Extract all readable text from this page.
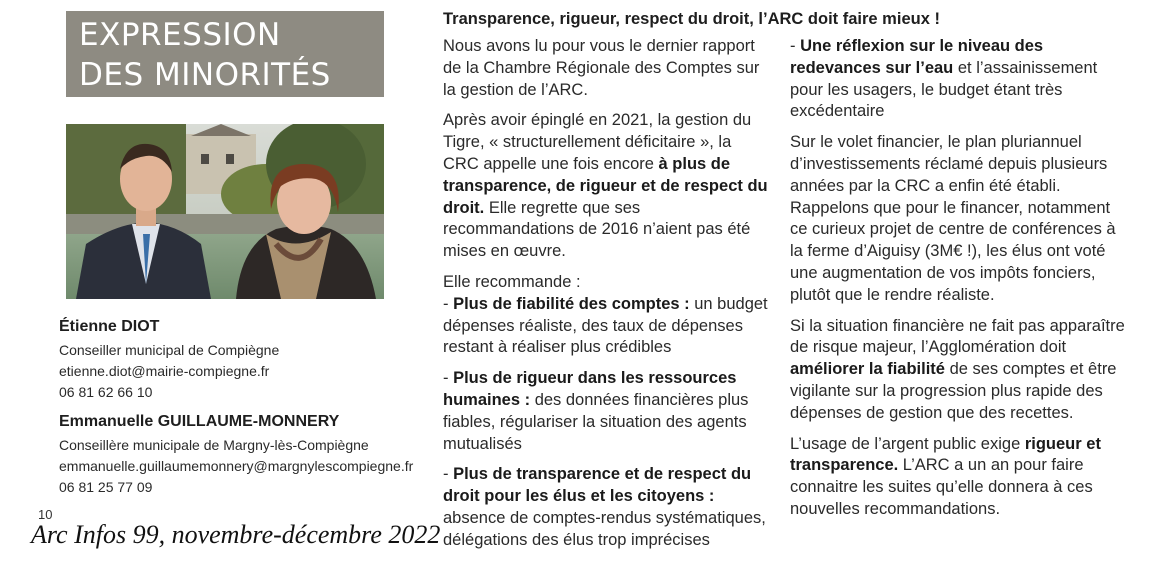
EXPRESSION
DES MINORITÉS
Étienne DIOT
Conseiller municipal de Compiègne
etienne.diot@mairie-compiegne.fr
06 81 62 66 10
Emmanuelle GUILLAUME-MONNERY
Conseillère municipale de Margny-lès-Compiègne
emmanuelle.guillaumemonnery@margnylescompiegne.fr
06 81 25 77 09
10
Arc Infos 99, novembre-décembre 2022
Transparence, rigueur, respect du droit, l’ARC doit faire mieux !

Nous avons lu pour vous le dernier rapport de la Chambre Régionale des Comptes sur la gestion de l’ARC.

Après avoir épinglé en 2021, la gestion du Tigre, « structurellement déficitaire », la CRC appelle une fois encore à plus de transparence, de rigueur et de respect du droit. Elle regrette que ses recommandations de 2016 n’aient pas été mises en œuvre.

Elle recommande :

- Plus de fiabilité des comptes : un budget dépenses réaliste, des taux de dépenses restant à réaliser plus crédibles

- Plus de rigueur dans les ressources humaines : des données financières plus fiables, régulariser la situation des agents mutualisés

- Plus de transparence et de respect du droit pour les élus et les citoyens : absence de comptes-rendus systématiques, délégations des élus trop imprécises

- Une réflexion sur le niveau des redevances sur l’eau et l’assainissement pour les usagers, le budget étant très excédentaire

Sur le volet financier, le plan pluriannuel d’investissements réclamé depuis plusieurs années par la CRC a enfin été établi. Rappelons que pour le financer, notamment ce curieux projet de centre de conférences à la ferme d’Aiguisy (3M€ !), les élus ont voté une augmentation de vos impôts fonciers, plutôt que le rendre réaliste.

Si la situation financière ne fait pas apparaître de risque majeur, l’Agglomération doit améliorer la fiabilité de ses comptes et être vigilante sur la progression plus rapide des dépenses de gestion que des recettes.

L’usage de l’argent public exige rigueur et transparence. L’ARC a un an pour faire connaitre les suites qu’elle donnera à ces nouvelles recommandations.
